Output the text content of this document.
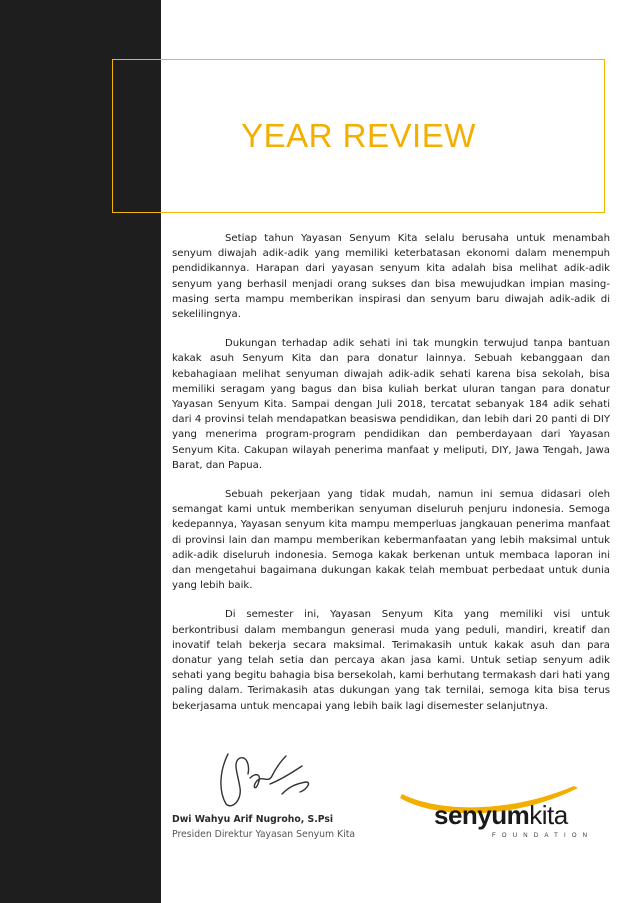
YEAR REVIEW

Setiap tahun Yayasan Senyum Kita selalu berusaha untuk menambah senyum diwajah adik-adik yang memiliki keterbatasan ekonomi dalam menempuh pendidikannya. Harapan dari yayasan senyum kita adalah bisa melihat adik-adik senyum yang berhasil menjadi orang sukses dan bisa mewujudkan impian masing-masing serta mampu memberikan inspirasi dan senyum baru diwajah adik-adik di sekelilingnya.

Dukungan terhadap adik sehati ini tak mungkin terwujud tanpa bantuan kakak asuh Senyum Kita dan para donatur lainnya. Sebuah kebanggaan dan kebahagiaan melihat senyuman diwajah adik-adik sehati karena bisa sekolah, bisa memiliki seragam yang bagus dan bisa kuliah berkat uluran tangan para donatur Yayasan Senyum Kita. Sampai dengan Juli 2018, tercatat sebanyak 184 adik sehati dari 4 provinsi telah mendapatkan beasiswa pendidikan, dan lebih dari 20 panti di DIY yang menerima program-program pendidikan dan pemberdayaan dari Yayasan Senyum Kita. Cakupan wilayah penerima manfaat y meliputi, DIY, Jawa Tengah, Jawa Barat, dan Papua.

Sebuah pekerjaan yang tidak mudah, namun ini semua didasari oleh semangat kami untuk memberikan senyuman diseluruh penjuru indonesia. Semoga kedepannya, Yayasan senyum kita mampu memperluas jangkauan penerima manfaat di provinsi lain dan mampu memberikan kebermanfaatan yang lebih maksimal untuk adik-adik diseluruh indonesia. Semoga kakak berkenan untuk membaca laporan ini dan mengetahui bagaimana dukungan kakak telah membuat perbedaat untuk dunia yang lebih baik.

Di semester ini, Yayasan Senyum Kita yang memiliki visi untuk berkontribusi dalam membangun generasi muda yang peduli, mandiri, kreatif dan inovatif telah bekerja secara maksimal. Terimakasih untuk kakak asuh dan para donatur yang telah setia dan percaya akan jasa kami. Untuk setiap senyum adik sehati yang begitu bahagia bisa bersekolah, kami berhutang termakash dari hati yang paling dalam. Terimakasih atas dukungan yang tak ternilai, semoga kita bisa terus bekerjasama untuk mencapai yang lebih baik lagi disemester selanjutnya.

Dwi Wahyu Arif Nugroho, S.Psi
Presiden Direktur Yayasan Senyum Kita
senyumkita
FOUNDATION
